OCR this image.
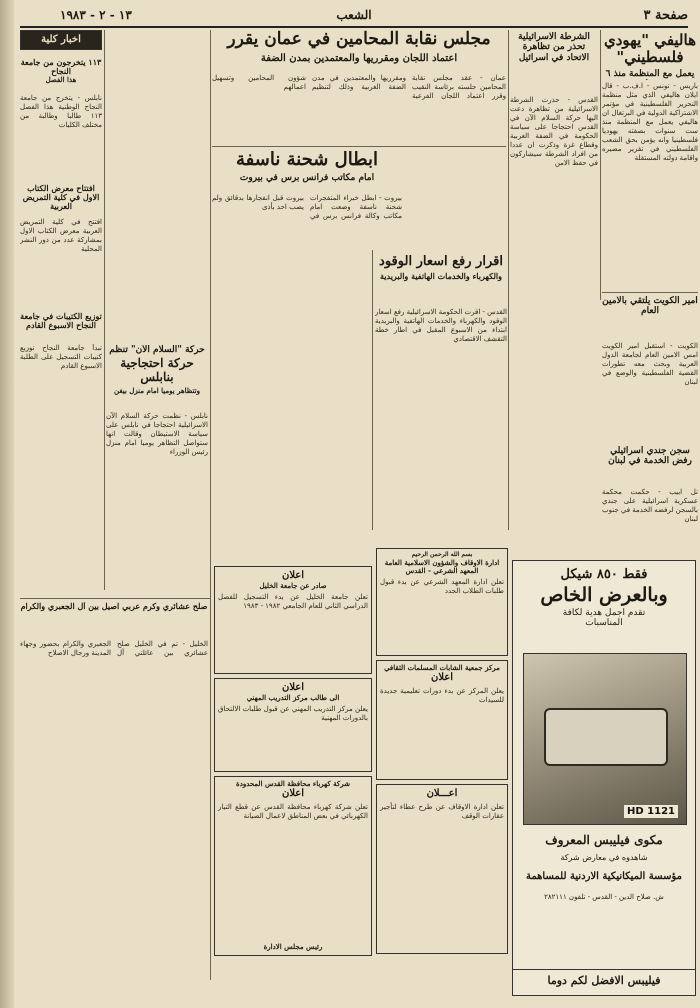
صفحة ٣
الشعب
١٣ - ٢ - ١٩٨٣
هاليفي "يهودي فلسطيني"
يعمل مع المنظمة منذ ٦
باريس - تونس - ا.ف.ب - قال ايلان هاليفي الذي مثل منظمة التحرير الفلسطينية في مؤتمر الاشتراكية الدولية في البرتغال ان هاليفي يعمل مع المنظمة منذ ست سنوات بصفته يهوديا فلسطينيا وانه يؤمن بحق الشعب الفلسطيني في تقرير مصيره واقامة دولته المستقلة
امير الكويت يلتقي بالامين العام
الكويت - استقبل امير الكويت امس الامين العام لجامعة الدول العربية وبحث معه تطورات القضية الفلسطينية والوضع في لبنان
سجن جندي اسرائيلي رفض الخدمة في لبنان
تل ابيب - حكمت محكمة عسكرية اسرائيلية على جندي بالسجن لرفضه الخدمة في جنوب لبنان
الشرطة الاسرائيلية تحذر من تظاهرة الاتحاد في اسرائيل
القدس - حذرت الشرطة الاسرائيلية من تظاهرة دعت اليها حركة السلام الآن في القدس احتجاجا على سياسة الحكومة في الضفة الغربية وقطاع غزة وذكرت ان عددا من افراد الشرطة سيشاركون في حفظ الامن
مجلس نقابة المحامين في عمان يقرر
اعتماد اللجان ومقرريها والمعتمدين بمدن الضفة
عمان - عقد مجلس نقابة المحامين جلسته برئاسة النقيب وقرر اعتماد اللجان الفرعية ومقرريها والمعتمدين في مدن الضفة الغربية وذلك لتنظيم شؤون المحامين وتسهيل اعمالهم
ابطال شحنة ناسفة
امام مكاتب فرانس برس في بيروت
بيروت - ابطل خبراء المتفجرات شحنة ناسفة وضعت امام مكاتب وكالة فرانس برس في بيروت قبل انفجارها بدقائق ولم يصب احد بأذى
اقرار رفع اسعار الوقود
والكهرباء والخدمات الهاتفية والبريدية
القدس - اقرت الحكومة الاسرائيلية رفع اسعار الوقود والكهرباء والخدمات الهاتفية والبريدية ابتداء من الاسبوع المقبل في اطار خطة التقشف الاقتصادي
حركة "السلام الآن" تنظم
حركة احتجاجية بنابلس
وتتظاهر يوميا امام منزل بيغن
نابلس - نظمت حركة السلام الآن الاسرائيلية احتجاجا في نابلس على سياسة الاستيطان وقالت انها ستواصل التظاهر يوميا امام منزل رئيس الوزراء
صلح عشائري وكرم عربي اصيل بين آل الجعبري والكرام
الخليل - تم في الخليل صلح عشائري بين عائلتي آل الجعبري والكرام بحضور وجهاء المدينة ورجال الاصلاح
اخبار كلية
١١٣ يتخرجون من جامعة النجاح
هذا الفصل
نابلس - يتخرج من جامعة النجاح الوطنية هذا الفصل ١١٣ طالبا وطالبة من مختلف الكليات
افتتاح معرض الكتاب الاول في كلية التمريض العربية
افتتح في كلية التمريض العربية معرض الكتاب الاول بمشاركة عدد من دور النشر المحلية
توزيع الكتيبات في جامعة النجاح الاسبوع القادم
تبدأ جامعة النجاح توزيع كتيبات التسجيل على الطلبة الاسبوع القادم
اعلان
صادر عن جامعة الخليل
تعلن جامعة الخليل عن بدء التسجيل للفصل الدراسي الثاني للعام الجامعي ١٩٨٢ - ١٩٨٣
اعلان
الى طالب مركز التدريب المهني
يعلن مركز التدريب المهني عن قبول طلبات الالتحاق بالدورات المهنية
شركة كهرباء محافظة القدس المحدودة
اعلان
تعلن شركة كهرباء محافظة القدس عن قطع التيار الكهربائي في بعض المناطق لاعمال الصيانة
رئيس مجلس الادارة
بسم الله الرحمن الرحيم
ادارة الاوقاف والشؤون الاسلامية العامة
المعهد الشرعي - القدس
تعلن ادارة المعهد الشرعي عن بدء قبول طلبات الطلاب الجدد
مركز جمعية الشابات المسلمات الثقافي
اعلان
يعلن المركز عن بدء دورات تعليمية جديدة للسيدات
اعـــلان
تعلن ادارة الاوقاف عن طرح عطاء لتأجير عقارات الوقف
فقط ٨٥٠ شيكل
وبالعرض الخاص
تقدم اجمل هدية لكافة
المناسبات
HD 1121
مكوى فيليبس المعروف
شاهدوه في معارض شركة
مؤسسة الميكانيكية الاردنية للمساهمة
ش. صلاح الدين - القدس - تلفون ٢٨٢١١١
فيليبس الافضل لكم دوما
